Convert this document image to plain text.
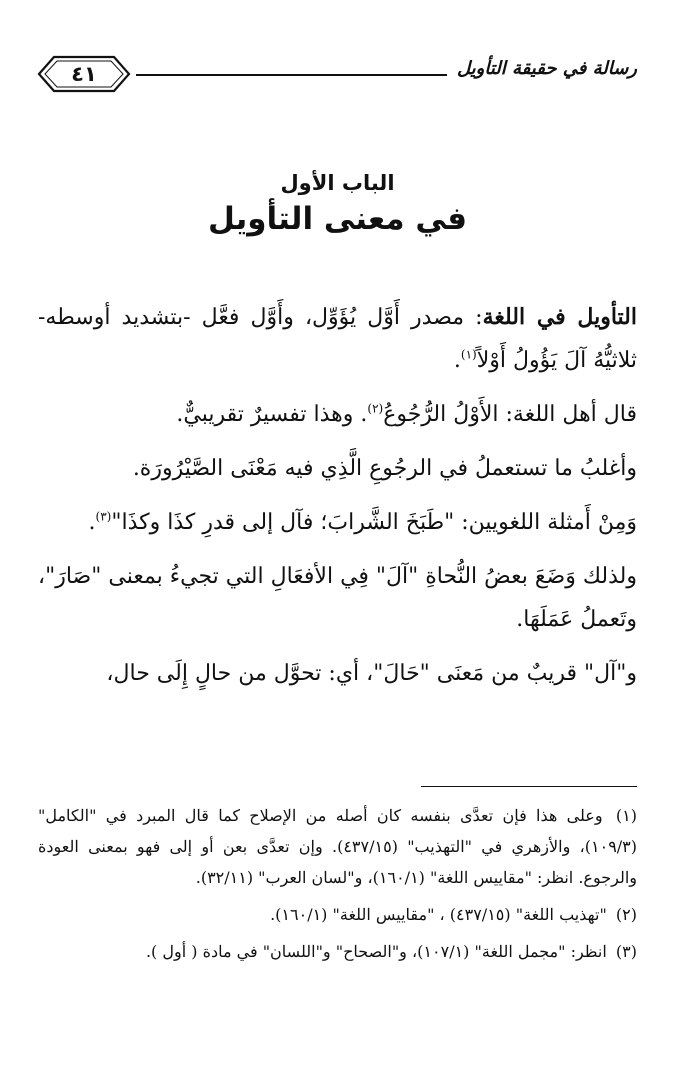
رسالة في حقيقة التأويل
٤١
الباب الأول
في معنى التأويل

التأويل في اللغة: مصدر أَوَّل يُؤَوِّل، وأَوَّل فعَّل -بتشديد أوسطه- ثلاثيُّهُ آلَ يَؤُولُ أَوْلاً$^{(١)}$.

قال أهل اللغة: الأَوْلُ الرُّجُوعُ$^{(٢)}$. وهذا تفسيرٌ تقريبيٌّ.

وأغلبُ ما تستعملُ في الرجُوعِ الَّذِي فيه مَعْنَى الصَّيْرُورَة.

وَمِنْ أَمثلة اللغويين: "طَبَخَ الشَّرابَ؛ فآل إلى قدرِ كذَا وكذَا"$^{(٣)}$.

ولذلك وَضَعَ بعضُ النُّحاةِ "آلَ" فِي الأفعَالِ التي تجيءُ بمعنى "صَارَ"، وتَعملُ عَمَلَهَا.

و"آل" قريبٌ من مَعنَى "حَالَ"، أي: تحوَّل من حالٍ إِلَى حال،

(١) وعلى هذا فإن تعدَّى بنفسه كان أصله من الإصلاح كما قال المبرد في "الكامل" (١٠٩/٣)، والأزهري في "التهذيب" (٤٣٧/١٥). وإن تعدَّى بعن أو إلى فهو بمعنى العودة والرجوع. انظر: "مقاييس اللغة" (١٦٠/١)، و"لسان العرب" (٣٢/١١).

(٢) "تهذيب اللغة" (٤٣٧/١٥) ، "مقاييس اللغة" (١٦٠/١).

(٣) انظر: "مجمل اللغة" (١٠٧/١)، و"الصحاح" و"اللسان" في مادة ( أول ).
